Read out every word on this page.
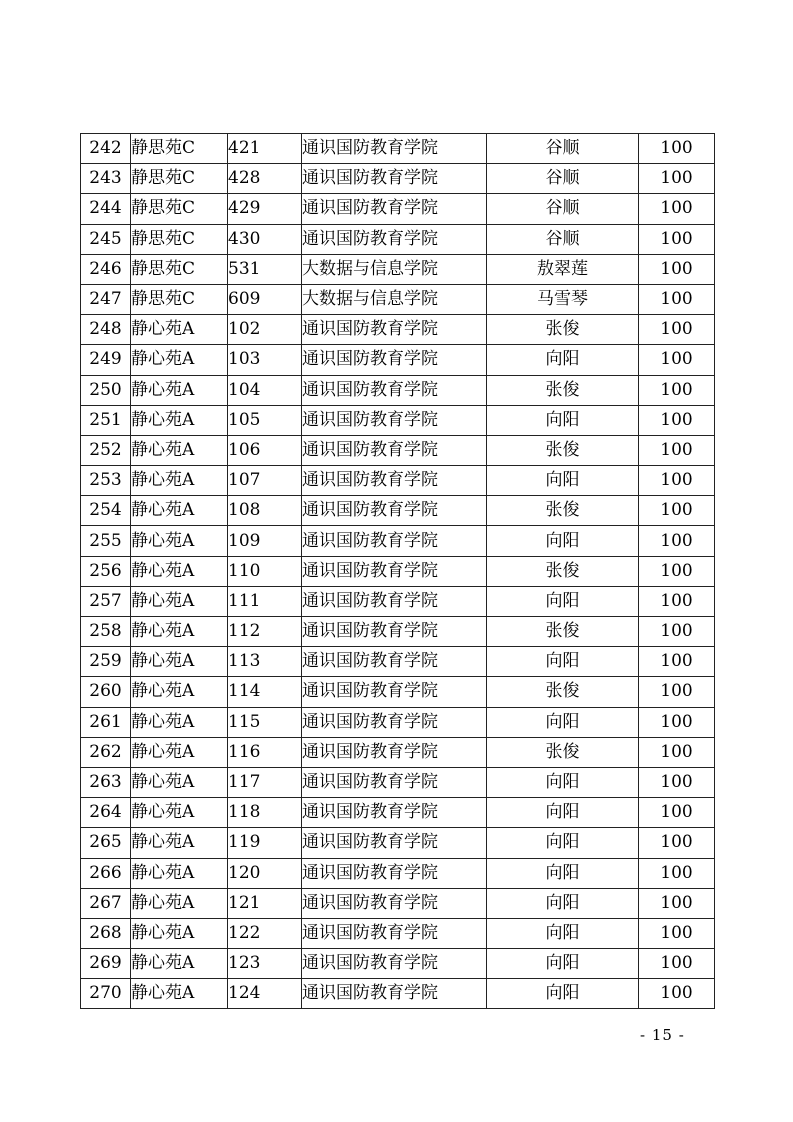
242	静思苑C	421	通识国防教育学院	谷顺	100
243	静思苑C	428	通识国防教育学院	谷顺	100
244	静思苑C	429	通识国防教育学院	谷顺	100
245	静思苑C	430	通识国防教育学院	谷顺	100
246	静思苑C	531	大数据与信息学院	敖翠莲	100
247	静思苑C	609	大数据与信息学院	马雪琴	100
248	静心苑A	102	通识国防教育学院	张俊	100
249	静心苑A	103	通识国防教育学院	向阳	100
250	静心苑A	104	通识国防教育学院	张俊	100
251	静心苑A	105	通识国防教育学院	向阳	100
252	静心苑A	106	通识国防教育学院	张俊	100
253	静心苑A	107	通识国防教育学院	向阳	100
254	静心苑A	108	通识国防教育学院	张俊	100
255	静心苑A	109	通识国防教育学院	向阳	100
256	静心苑A	110	通识国防教育学院	张俊	100
257	静心苑A	111	通识国防教育学院	向阳	100
258	静心苑A	112	通识国防教育学院	张俊	100
259	静心苑A	113	通识国防教育学院	向阳	100
260	静心苑A	114	通识国防教育学院	张俊	100
261	静心苑A	115	通识国防教育学院	向阳	100
262	静心苑A	116	通识国防教育学院	张俊	100
263	静心苑A	117	通识国防教育学院	向阳	100
264	静心苑A	118	通识国防教育学院	向阳	100
265	静心苑A	119	通识国防教育学院	向阳	100
266	静心苑A	120	通识国防教育学院	向阳	100
267	静心苑A	121	通识国防教育学院	向阳	100
268	静心苑A	122	通识国防教育学院	向阳	100
269	静心苑A	123	通识国防教育学院	向阳	100
270	静心苑A	124	通识国防教育学院	向阳	100
- 15 -
